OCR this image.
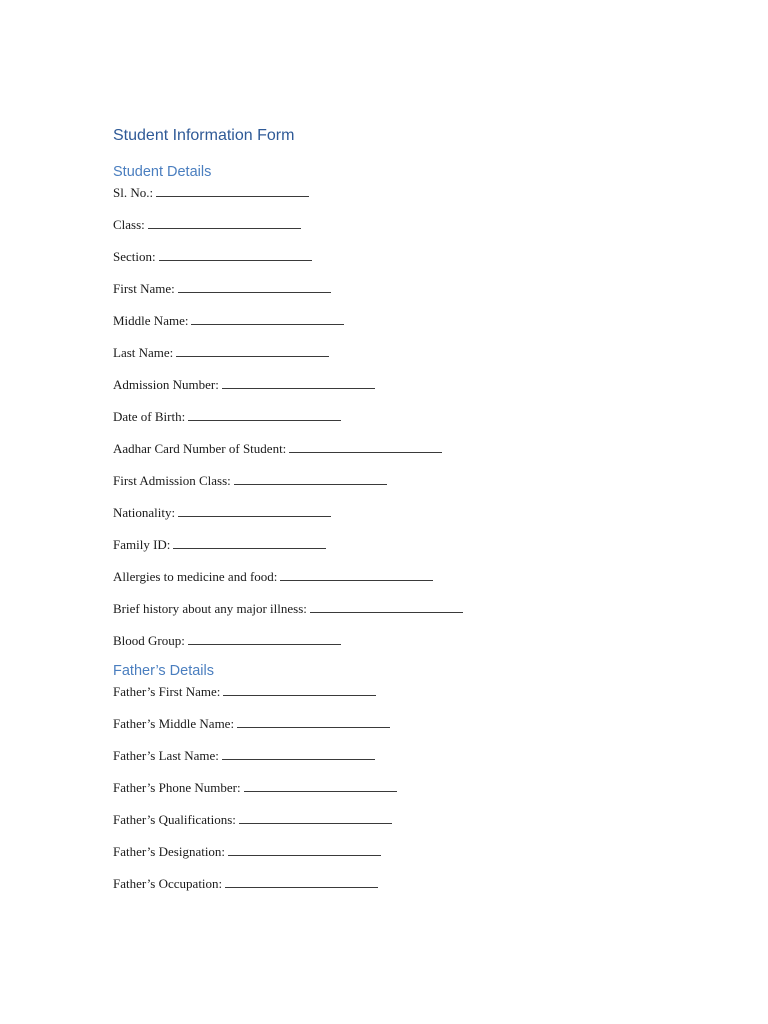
Student Information Form
Student Details
Sl. No.:
Class:
Section:
First Name:
Middle Name:
Last Name:
Admission Number:
Date of Birth:
Aadhar Card Number of Student:
First Admission Class:
Nationality:
Family ID:
Allergies to medicine and food:
Brief history about any major illness:
Blood Group:
Father’s Details
Father’s First Name:
Father’s Middle Name:
Father’s Last Name:
Father’s Phone Number:
Father’s Qualifications:
Father’s Designation:
Father’s Occupation:
